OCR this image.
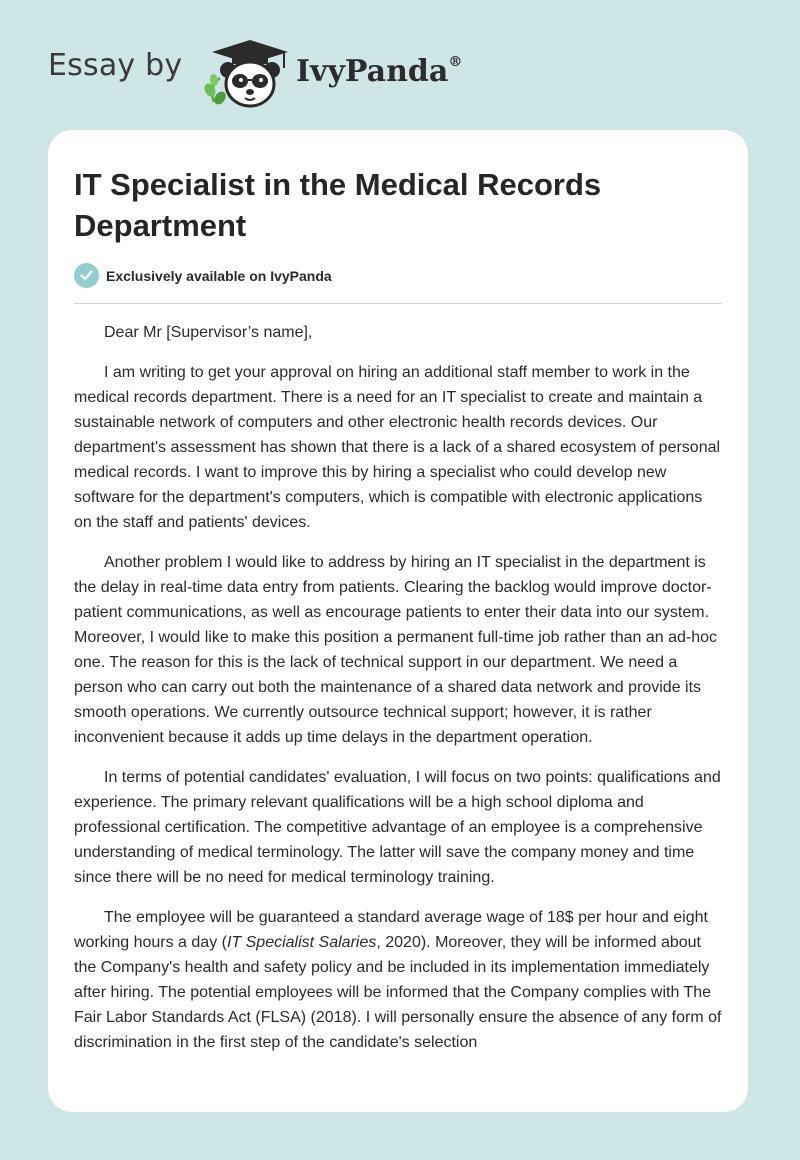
Essay by	IvyPanda®
IT Specialist in the Medical Records Department
Exclusively available on IvyPanda

Dear Mr [Supervisor’s name],

I am writing to get your approval on hiring an additional staff member to work in the medical records department. There is a need for an IT specialist to create and maintain a sustainable network of computers and other electronic health records devices. Our department's assessment has shown that there is a lack of a shared ecosystem of personal medical records. I want to improve this by hiring a specialist who could develop new software for the department's computers, which is compatible with electronic applications on the staff and patients' devices.

Another problem I would like to address by hiring an IT specialist in the department is the delay in real-time data entry from patients. Clearing the backlog would improve doctor-patient communications, as well as encourage patients to enter their data into our system. Moreover, I would like to make this position a permanent full-time job rather than an ad-hoc one. The reason for this is the lack of technical support in our department. We need a person who can carry out both the maintenance of a shared data network and provide its smooth operations. We currently outsource technical support; however, it is rather inconvenient because it adds up time delays in the department operation.

In terms of potential candidates' evaluation, I will focus on two points: qualifications and experience. The primary relevant qualifications will be a high school diploma and professional certification. The competitive advantage of an employee is a comprehensive understanding of medical terminology. The latter will save the company money and time since there will be no need for medical terminology training.

The employee will be guaranteed a standard average wage of 18$ per hour and eight working hours a day (IT Specialist Salaries, 2020). Moreover, they will be informed about the Company's health and safety policy and be included in its implementation immediately after hiring. The potential employees will be informed that the Company complies with The Fair Labor Standards Act (FLSA) (2018). I will personally ensure the absence of any form of discrimination in the first step of the candidate's selection
